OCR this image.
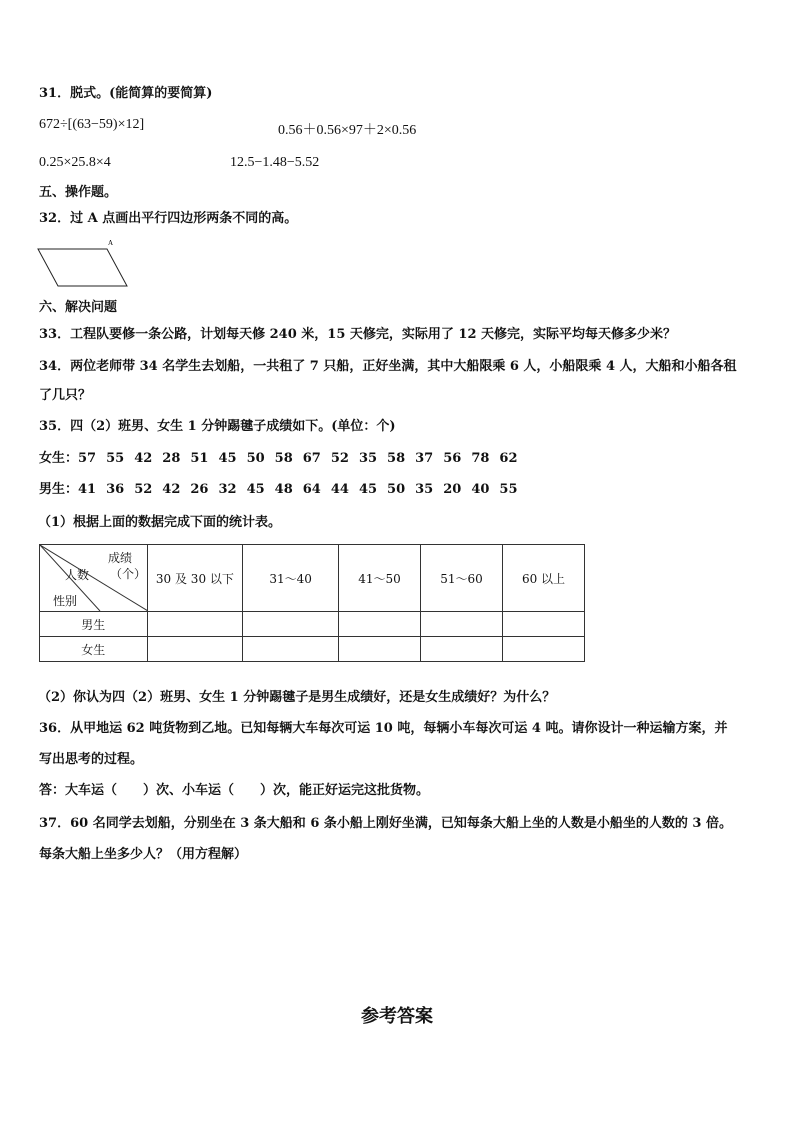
31．脱式。(能简算的要简算)
672÷[(63−59)×12]	0.56＋0.56×97＋2×0.56
0.25×25.8×4	12.5−1.48−5.52
五、操作题。
32．过 A 点画出平行四边形两条不同的高。
A
六、解决问题
33．工程队要修一条公路，计划每天修 240 米，15 天修完，实际用了 12 天修完，实际平均每天修多少米？
34．两位老师带 34 名学生去划船，一共租了 7 只船，正好坐满，其中大船限乘 6 人，小船限乘 4 人，大船和小船各租
了几只？
35．四（2）班男、女生 1 分钟踢毽子成绩如下。(单位：个)
女生：57 55 42 28 51 45 50 58 67 52 35 58 37 56 78 62
男生：41 36 52 42 26 32 45 48 64 44 45 50 35 20 40 55
（1）根据上面的数据完成下面的统计表。
成绩
（个）
人数
性别	30 及 30 以下	31～40	41～50	51～60	60 以上
男生					
女生					
（2）你认为四（2）班男、女生 1 分钟踢毽子是男生成绩好，还是女生成绩好？为什么？
36．从甲地运 62 吨货物到乙地。已知每辆大车每次可运 10 吨，每辆小车每次可运 4 吨。请你设计一种运输方案，并
写出思考的过程。
答：大车运（　　）次、小车运（　　）次，能正好运完这批货物。
37．60 名同学去划船，分别坐在 3 条大船和 6 条小船上刚好坐满，已知每条大船上坐的人数是小船坐的人数的 3 倍。
每条大船上坐多少人？（用方程解）
参考答案
